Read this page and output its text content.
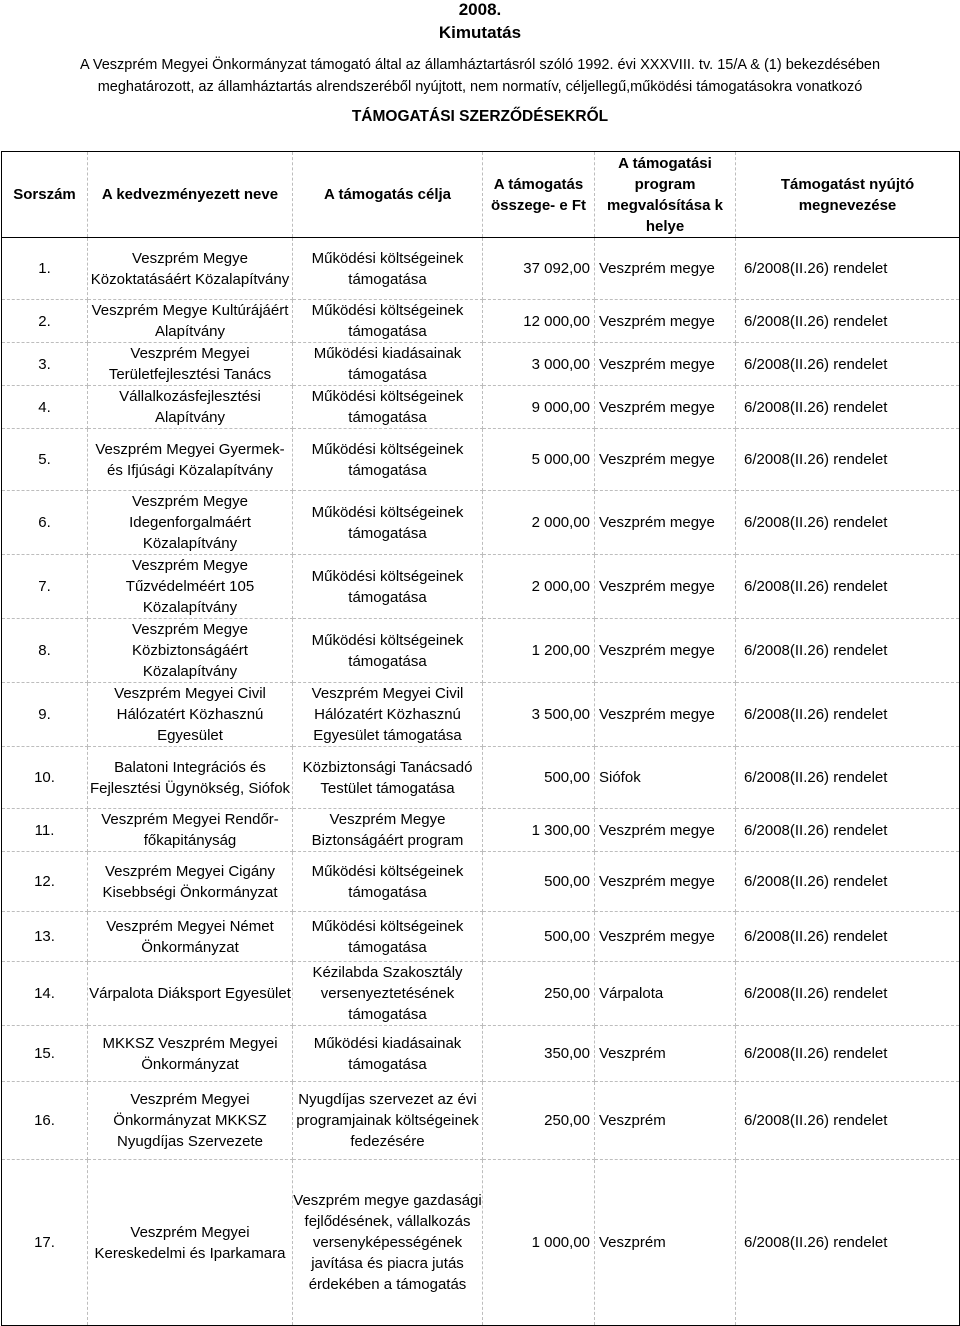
2008.
Kimutatás
A Veszprém Megyei Önkormányzat támogató által az államháztartásról szóló 1992. évi XXXVIII. tv. 15/A & (1) bekezdésében
meghatározott, az államháztartás alrendszeréből nyújtott, nem normatív, céljellegű,működési támogatásokra vonatkozó
TÁMOGATÁSI SZERZŐDÉSEKRŐL
Sorszám	A kedvezményezett neve	A támogatás célja	A támogatás összege- e Ft	A támogatási program megvalósítása k helye	Támogatást nyújtó megnevezése
1.	Veszprém Megye Közoktatásáért Közalapítvány	Működési költségeinek támogatása	37 092,00	Veszprém megye	6/2008(II.26) rendelet
2.	Veszprém Megye Kultúrájáért Alapítvány	Működési költségeinek támogatása	12 000,00	Veszprém megye	6/2008(II.26) rendelet
3.	Veszprém Megyei Területfejlesztési Tanács	Működési kiadásainak támogatása	3 000,00	Veszprém megye	6/2008(II.26) rendelet
4.	Vállalkozásfejlesztési Alapítvány	Működési költségeinek támogatása	9 000,00	Veszprém megye	6/2008(II.26) rendelet
5.	Veszprém Megyei Gyermek- és Ifjúsági Közalapítvány	Működési költségeinek támogatása	5 000,00	Veszprém megye	6/2008(II.26) rendelet
6.	Veszprém Megye Idegenforgalmáért Közalapítvány	Működési költségeinek támogatása	2 000,00	Veszprém megye	6/2008(II.26) rendelet
7.	Veszprém Megye Tűzvédelméért 105 Közalapítvány	Működési költségeinek támogatása	2 000,00	Veszprém megye	6/2008(II.26) rendelet
8.	Veszprém Megye Közbiztonságáért Közalapítvány	Működési költségeinek támogatása	1 200,00	Veszprém megye	6/2008(II.26) rendelet
9.	Veszprém Megyei Civil Hálózatért Közhasznú Egyesület	Veszprém Megyei Civil Hálózatért Közhasznú Egyesület támogatása	3 500,00	Veszprém megye	6/2008(II.26) rendelet
10.	Balatoni Integrációs és Fejlesztési Ügynökség, Siófok	Közbiztonsági Tanácsadó Testület támogatása	500,00	Siófok	6/2008(II.26) rendelet
11.	Veszprém Megyei Rendőr-főkapitányság	Veszprém Megye Biztonságáért program	1 300,00	Veszprém megye	6/2008(II.26) rendelet
12.	Veszprém Megyei Cigány Kisebbségi Önkormányzat	Működési költségeinek támogatása	500,00	Veszprém megye	6/2008(II.26) rendelet
13.	Veszprém Megyei Német Önkormányzat	Működési költségeinek támogatása	500,00	Veszprém megye	6/2008(II.26) rendelet
14.	Várpalota Diáksport Egyesület	Kézilabda Szakosztály versenyeztetésének támogatása	250,00	Várpalota	6/2008(II.26) rendelet
15.	MKKSZ Veszprém Megyei Önkormányzat	Működési kiadásainak támogatása	350,00	Veszprém	6/2008(II.26) rendelet
16.	Veszprém Megyei Önkormányzat MKKSZ Nyugdíjas Szervezete	Nyugdíjas szervezet az évi programjainak költségeinek fedezésére	250,00	Veszprém	6/2008(II.26) rendelet
17.	Veszprém Megyei Kereskedelmi és Iparkamara	Veszprém megye gazdasági fejlődésének, vállalkozás versenyképességének javítása és piacra jutás érdekében a támogatás	1 000,00	Veszprém	6/2008(II.26) rendelet
